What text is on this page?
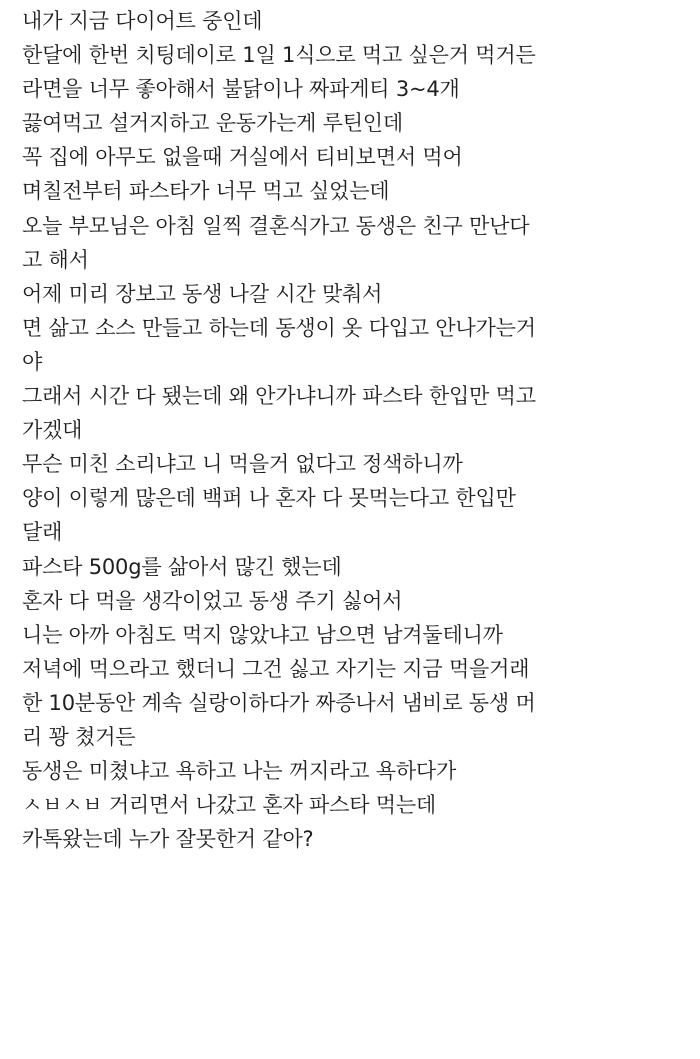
내가 지금 다이어트 중인데
한달에 한번 치팅데이로 1일 1식으로 먹고 싶은거 먹거든
라면을 너무 좋아해서 불닭이나 짜파게티 3~4개
끓여먹고 설거지하고 운동가는게 루틴인데
꼭 집에 아무도 없을때 거실에서 티비보면서 먹어
며칠전부터 파스타가 너무 먹고 싶었는데
오늘 부모님은 아침 일찍 결혼식가고 동생은 친구 만난다
고 해서
어제 미리 장보고 동생 나갈 시간 맞춰서
면 삶고 소스 만들고 하는데 동생이 옷 다입고 안나가는거
야
그래서 시간 다 됐는데 왜 안가냐니까 파스타 한입만 먹고
가겠대
무슨 미친 소리냐고 니 먹을거 없다고 정색하니까
양이 이렇게 많은데 백퍼 나 혼자 다 못먹는다고 한입만
달래
파스타 500g를 삶아서 많긴 했는데
혼자 다 먹을 생각이었고 동생 주기 싫어서
니는 아까 아침도 먹지 않았냐고 남으면 남겨둘테니까
저녁에 먹으라고 했더니 그건 싫고 자기는 지금 먹을거래
한 10분동안 계속 실랑이하다가 짜증나서 냄비로 동생 머
리 꽝 쳤거든
동생은 미쳤냐고 욕하고 나는 꺼지라고 욕하다가
ㅅㅂㅅㅂ 거리면서 나갔고 혼자 파스타 먹는데
카톡왔는데 누가 잘못한거 같아?
